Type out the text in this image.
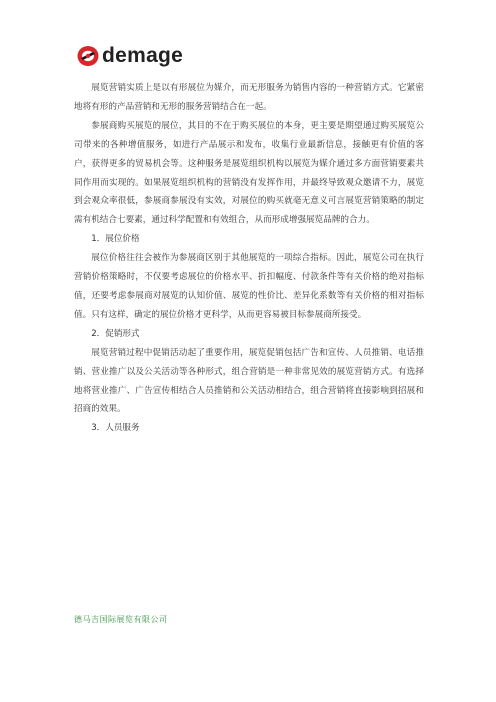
demage

展览营销实质上是以有形展位为媒介，而无形服务为销售内容的一种营销方式。它紧密地将有形的产品营销和无形的服务营销结合在一起。

参展商购买展览的展位，其目的不在于购买展位的本身，更主要是期望通过购买展览公司带来的各种增值服务，如进行产品展示和发布，收集行业最新信息，接触更有价值的客户，获得更多的贸易机会等。这种服务是展览组织机构以展览为媒介通过多方面营销要素共同作用而实现的。如果展览组织机构的营销没有发挥作用，并最终导致观众邀请不力，展览到会观众率很低，参展商参展没有实效，对展位的购买就毫无意义可言展览营销策略的制定需有机结合七要素，通过科学配置和有效组合，从而形成增强展览品牌的合力。

1．展位价格

展位价格往往会被作为参展商区别于其他展览的一项综合指标。因此，展览公司在执行营销价格策略时，不仅要考虑展位的价格水平、折扣幅度、付款条件等有关价格的绝对指标值，还要考虑参展商对展览的认知价值、展览的性价比、差异化系数等有关价格的相对指标值。只有这样，确定的展位价格才更科学，从而更容易被目标参展商所接受。

2．促销形式

展览营销过程中促销活动起了重要作用，展览促销包括广告和宣传、人员推销、电话推销、营业推广以及公关活动等各种形式，组合营销是一种非常见效的展览营销方式。有选择地将营业推广、广告宣传相结合人员推销和公关活动相结合，组合营销将直接影响到招展和招商的效果。

3．人员服务

德马吉国际展览有限公司
